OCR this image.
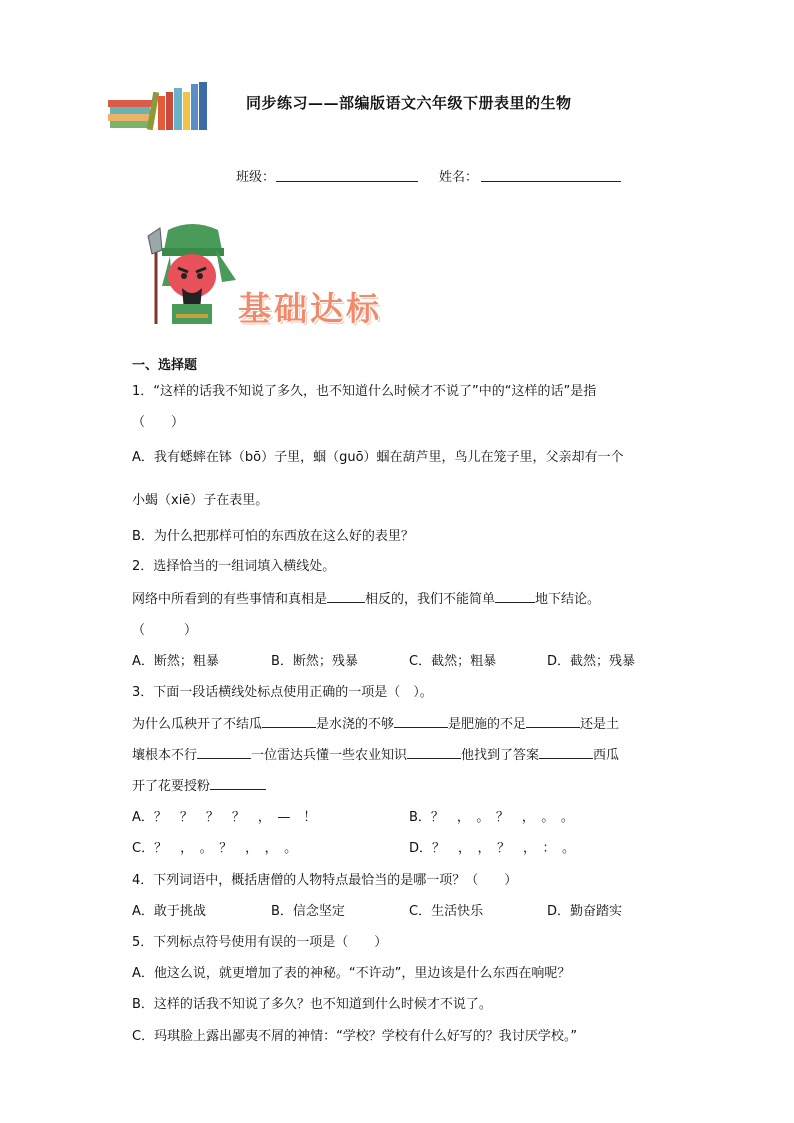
同步练习——部编版语文六年级下册表里的生物
班级：	姓名：
基础达标
一、选择题
1．“这样的话我不知说了多久，也不知道什么时候才不说了”中的“这样的话”是指
（　　）
A．我有蟋蟀在钵（bō）子里，蝈（guō）蝈在葫芦里，鸟儿在笼子里，父亲却有一个
小蝎（xiē）子在表里。
B．为什么把那样可怕的东西放在这么好的表里？
2．选择恰当的一组词填入横线处。
网络中所看到的有些事情和真相是	相反的，我们不能简单	地下结论。
（　　　）
A．断然；粗暴	B．断然；残暴	C．截然；粗暴	D．截然；残暴
3．下面一段话横线处标点使用正确的一项是（　）。
为什么瓜秧开了不结瓜	是水浇的不够	是肥施的不足	还是土
壤根本不行	一位雷达兵懂一些农业知识	他找到了答案	西瓜
开了花要授粉
A．？　？　？　？　，　—　！	B．？　，　。　？　，　。　。
C．？　，　。　？　，　，　。	D．？　，　，　？　，　：　。
4．下列词语中，概括唐僧的人物特点最恰当的是哪一项？（　　）
A．敢于挑战	B．信念坚定	C．生活快乐	D．勤奋踏实
5．下列标点符号使用有误的一项是（　　）
A．他这么说，就更增加了表的神秘。“不许动”，里边该是什么东西在响呢？
B．这样的话我不知说了多久？也不知道到什么时候才不说了。
C．玛琪脸上露出鄙夷不屑的神情：“学校？学校有什么好写的？我讨厌学校。”
